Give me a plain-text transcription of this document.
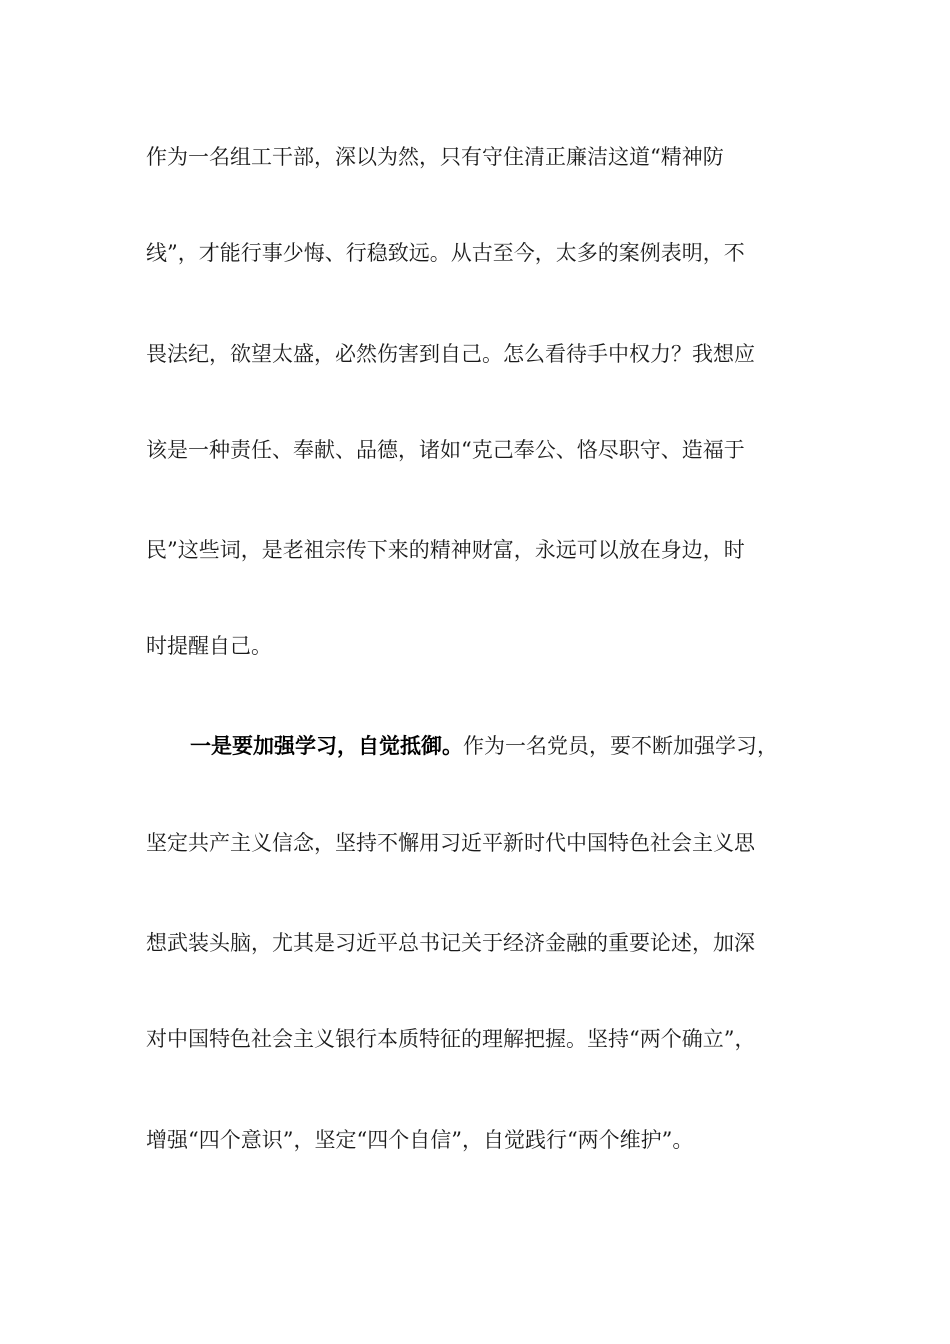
作为一名组工干部，深以为然，只有守住清正廉洁这道“精神防
线”，才能行事少悔、行稳致远。从古至今，太多的案例表明，不
畏法纪，欲望太盛，必然伤害到自己。怎么看待手中权力？我想应
该是一种责任、奉献、品德，诸如“克己奉公、恪尽职守、造福于
民”这些词，是老祖宗传下来的精神财富，永远可以放在身边，时
时提醒自己。
一是要加强学习，自觉抵御。作为一名党员，要不断加强学习，
坚定共产主义信念，坚持不懈用习近平新时代中国特色社会主义思
想武装头脑，尤其是习近平总书记关于经济金融的重要论述，加深
对中国特色社会主义银行本质特征的理解把握。坚持“两个确立”，
增强“四个意识”，坚定“四个自信”，自觉践行“两个维护”。
